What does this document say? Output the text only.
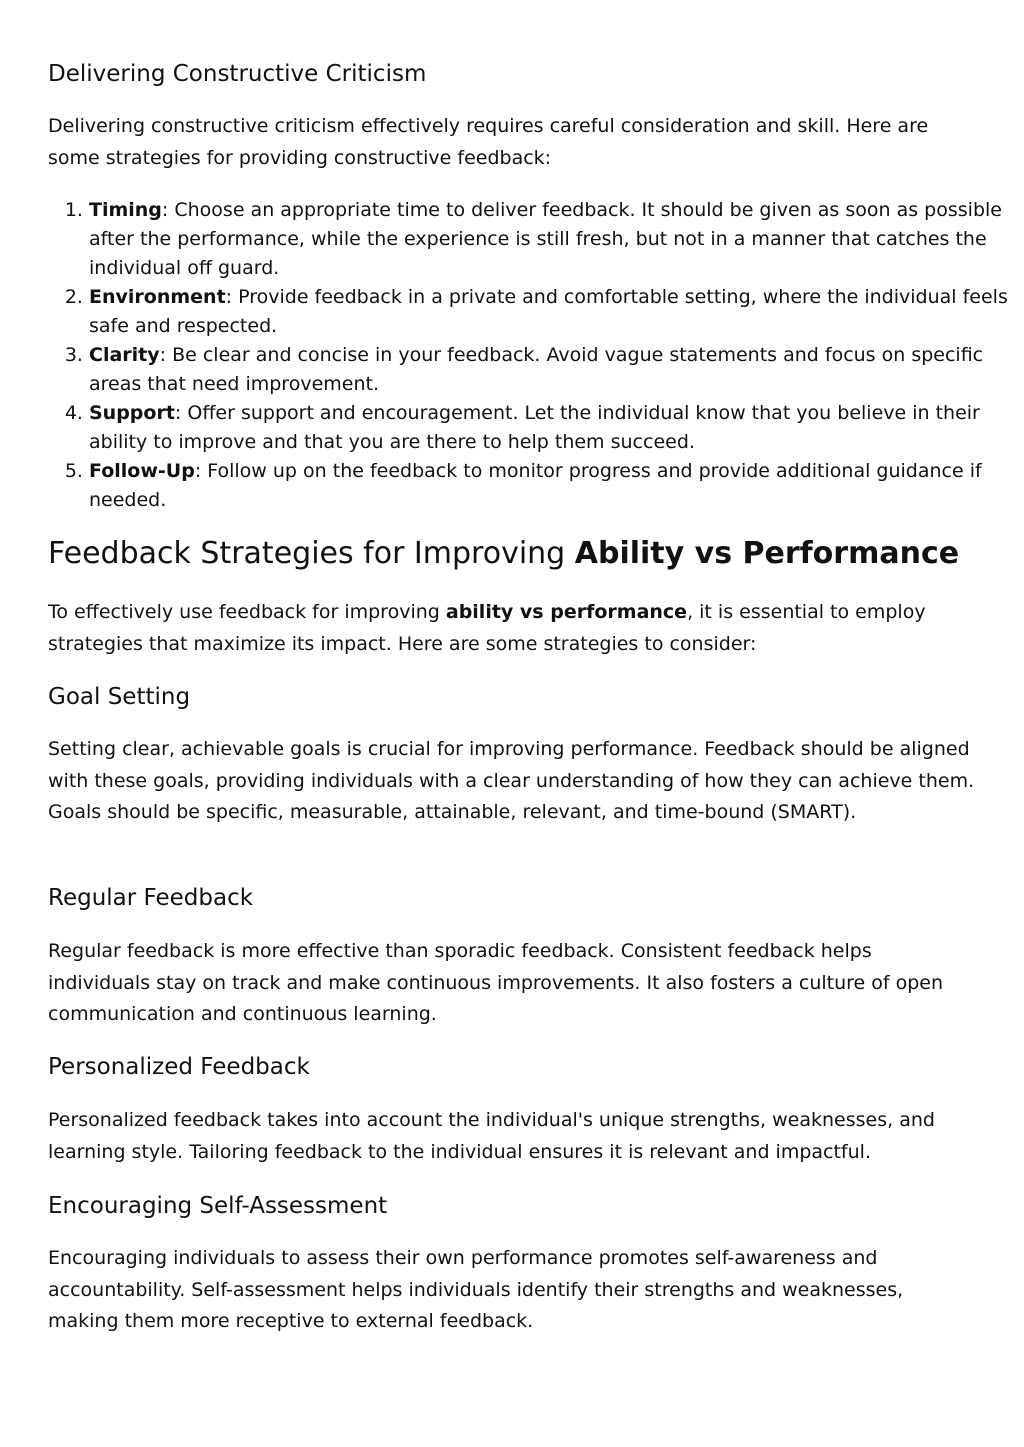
Delivering Constructive Criticism

Delivering constructive criticism effectively requires careful consideration and skill. Here are some strategies for providing constructive feedback:

1. Timing: Choose an appropriate time to deliver feedback. It should be given as soon as possible after the performance, while the experience is still fresh, but not in a manner that catches the individual off guard.
2. Environment: Provide feedback in a private and comfortable setting, where the individual feels safe and respected.
3. Clarity: Be clear and concise in your feedback. Avoid vague statements and focus on specific areas that need improvement.
4. Support: Offer support and encouragement. Let the individual know that you believe in their ability to improve and that you are there to help them succeed.
5. Follow-Up: Follow up on the feedback to monitor progress and provide additional guidance if needed.
Feedback Strategies for Improving Ability vs Performance

To effectively use feedback for improving ability vs performance, it is essential to employ strategies that maximize its impact. Here are some strategies to consider:

Goal Setting

Setting clear, achievable goals is crucial for improving performance. Feedback should be aligned with these goals, providing individuals with a clear understanding of how they can achieve them. Goals should be specific, measurable, attainable, relevant, and time-bound (SMART).

Regular Feedback

Regular feedback is more effective than sporadic feedback. Consistent feedback helps individuals stay on track and make continuous improvements. It also fosters a culture of open communication and continuous learning.

Personalized Feedback

Personalized feedback takes into account the individual's unique strengths, weaknesses, and learning style. Tailoring feedback to the individual ensures it is relevant and impactful.

Encouraging Self-Assessment

Encouraging individuals to assess their own performance promotes self-awareness and accountability. Self-assessment helps individuals identify their strengths and weaknesses, making them more receptive to external feedback.
